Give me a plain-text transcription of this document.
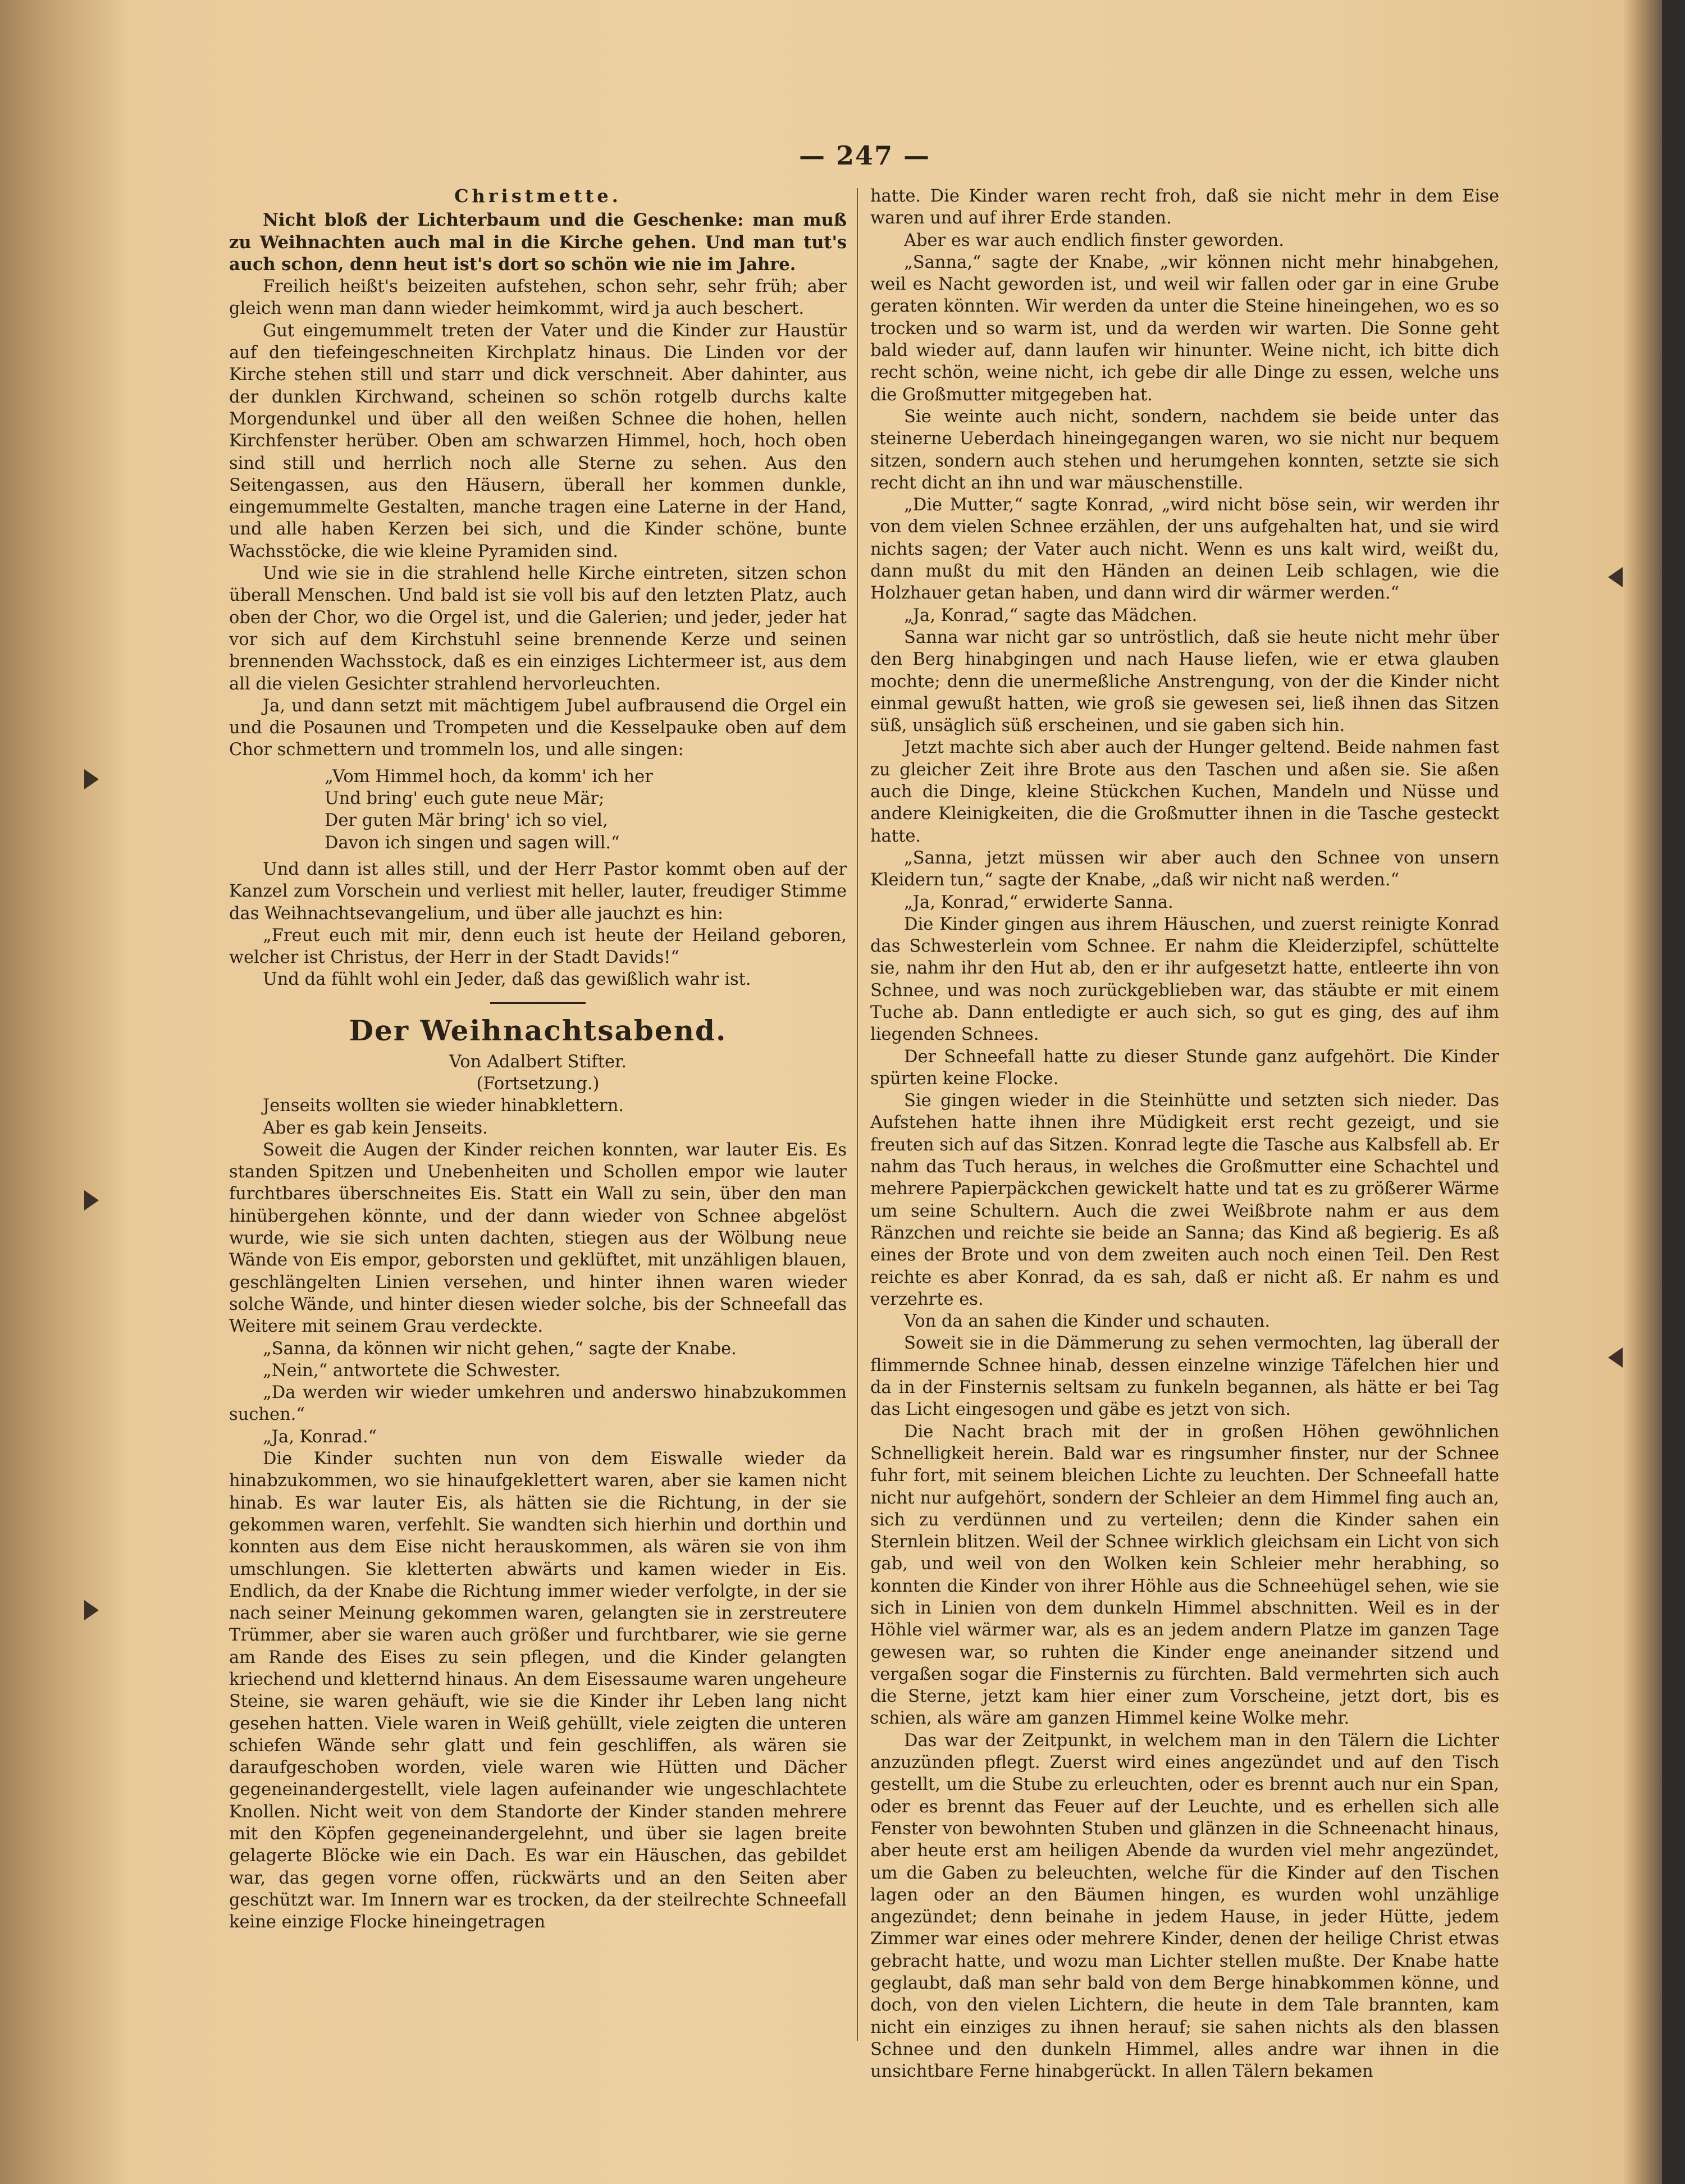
— 247 —
Christmette.

Nicht bloß der Lichterbaum und die Geschenke: man muß zu Weihnachten auch mal in die Kirche gehen. Und man tut's auch schon, denn heut ist's dort so schön wie nie im Jahre.

Freilich heißt's beizeiten aufstehen, schon sehr, sehr früh; aber gleich wenn man dann wieder heimkommt, wird ja auch beschert.

Gut eingemummelt treten der Vater und die Kinder zur Haustür auf den tiefeingeschneiten Kirchplatz hinaus. Die Linden vor der Kirche stehen still und starr und dick verschneit. Aber dahinter, aus der dunklen Kirchwand, scheinen so schön rotgelb durchs kalte Morgendunkel und über all den weißen Schnee die hohen, hellen Kirchfenster herüber. Oben am schwarzen Himmel, hoch, hoch oben sind still und herrlich noch alle Sterne zu sehen. Aus den Seitengassen, aus den Häusern, überall her kommen dunkle, eingemummelte Gestalten, manche tragen eine Laterne in der Hand, und alle haben Kerzen bei sich, und die Kinder schöne, bunte Wachsstöcke, die wie kleine Pyramiden sind.

Und wie sie in die strahlend helle Kirche eintreten, sitzen schon überall Menschen. Und bald ist sie voll bis auf den letzten Platz, auch oben der Chor, wo die Orgel ist, und die Galerien; und jeder, jeder hat vor sich auf dem Kirchstuhl seine brennende Kerze und seinen brennenden Wachsstock, daß es ein einziges Lichtermeer ist, aus dem all die vielen Gesichter strahlend hervorleuchten.

Ja, und dann setzt mit mächtigem Jubel aufbrausend die Orgel ein und die Posaunen und Trompeten und die Kesselpauke oben auf dem Chor schmettern und trommeln los, und alle singen:

„Vom Himmel hoch, da komm' ich her
Und bring' euch gute neue Mär;
Der guten Mär bring' ich so viel,
Davon ich singen und sagen will.“

Und dann ist alles still, und der Herr Pastor kommt oben auf der Kanzel zum Vorschein und verliest mit heller, lauter, freudiger Stimme das Weihnachtsevangelium, und über alle jauchzt es hin:

„Freut euch mit mir, denn euch ist heute der Heiland geboren, welcher ist Christus, der Herr in der Stadt Davids!“

Und da fühlt wohl ein Jeder, daß das gewißlich wahr ist.

Der Weihnachtsabend.

Von Adalbert Stifter.

(Fortsetzung.)

Jenseits wollten sie wieder hinabklettern.

Aber es gab kein Jenseits.

Soweit die Augen der Kinder reichen konnten, war lauter Eis. Es standen Spitzen und Unebenheiten und Schollen empor wie lauter furchtbares überschneites Eis. Statt ein Wall zu sein, über den man hinübergehen könnte, und der dann wieder von Schnee abgelöst wurde, wie sie sich unten dachten, stiegen aus der Wölbung neue Wände von Eis empor, geborsten und geklüftet, mit unzähligen blauen, geschlängelten Linien versehen, und hinter ihnen waren wieder solche Wände, und hinter diesen wieder solche, bis der Schneefall das Weitere mit seinem Grau verdeckte.

„Sanna, da können wir nicht gehen,“ sagte der Knabe.

„Nein,“ antwortete die Schwester.

„Da werden wir wieder umkehren und anderswo hinabzukommen suchen.“

„Ja, Konrad.“

Die Kinder suchten nun von dem Eiswalle wieder da hinabzukommen, wo sie hinaufgeklettert waren, aber sie kamen nicht hinab. Es war lauter Eis, als hätten sie die Richtung, in der sie gekommen waren, verfehlt. Sie wandten sich hierhin und dorthin und konnten aus dem Eise nicht herauskommen, als wären sie von ihm umschlungen. Sie kletterten abwärts und kamen wieder in Eis. Endlich, da der Knabe die Richtung immer wieder verfolgte, in der sie nach seiner Meinung gekommen waren, gelangten sie in zerstreutere Trümmer, aber sie waren auch größer und furchtbarer, wie sie gerne am Rande des Eises zu sein pflegen, und die Kinder gelangten kriechend und kletternd hinaus. An dem Eisessaume waren ungeheure Steine, sie waren gehäuft, wie sie die Kinder ihr Leben lang nicht gesehen hatten. Viele waren in Weiß gehüllt, viele zeigten die unteren schiefen Wände sehr glatt und fein geschliffen, als wären sie daraufgeschoben worden, viele waren wie Hütten und Dächer gegeneinandergestellt, viele lagen aufeinander wie ungeschlachtete Knollen. Nicht weit von dem Standorte der Kinder standen mehrere mit den Köpfen gegeneinandergelehnt, und über sie lagen breite gelagerte Blöcke wie ein Dach. Es war ein Häuschen, das gebildet war, das gegen vorne offen, rückwärts und an den Seiten aber geschützt war. Im Innern war es trocken, da der steilrechte Schneefall keine einzige Flocke hineingetragen

hatte. Die Kinder waren recht froh, daß sie nicht mehr in dem Eise waren und auf ihrer Erde standen.

Aber es war auch endlich finster geworden.

„Sanna,“ sagte der Knabe, „wir können nicht mehr hinabgehen, weil es Nacht geworden ist, und weil wir fallen oder gar in eine Grube geraten könnten. Wir werden da unter die Steine hineingehen, wo es so trocken und so warm ist, und da werden wir warten. Die Sonne geht bald wieder auf, dann laufen wir hinunter. Weine nicht, ich bitte dich recht schön, weine nicht, ich gebe dir alle Dinge zu essen, welche uns die Großmutter mitgegeben hat.

Sie weinte auch nicht, sondern, nachdem sie beide unter das steinerne Ueberdach hineingegangen waren, wo sie nicht nur bequem sitzen, sondern auch stehen und herumgehen konnten, setzte sie sich recht dicht an ihn und war mäuschenstille.

„Die Mutter,“ sagte Konrad, „wird nicht böse sein, wir werden ihr von dem vielen Schnee erzählen, der uns aufgehalten hat, und sie wird nichts sagen; der Vater auch nicht. Wenn es uns kalt wird, weißt du, dann mußt du mit den Händen an deinen Leib schlagen, wie die Holzhauer getan haben, und dann wird dir wärmer werden.“

„Ja, Konrad,“ sagte das Mädchen.

Sanna war nicht gar so untröstlich, daß sie heute nicht mehr über den Berg hinabgingen und nach Hause liefen, wie er etwa glauben mochte; denn die unermeßliche Anstrengung, von der die Kinder nicht einmal gewußt hatten, wie groß sie gewesen sei, ließ ihnen das Sitzen süß, unsäglich süß erscheinen, und sie gaben sich hin.

Jetzt machte sich aber auch der Hunger geltend. Beide nahmen fast zu gleicher Zeit ihre Brote aus den Taschen und aßen sie. Sie aßen auch die Dinge, kleine Stückchen Kuchen, Mandeln und Nüsse und andere Kleinigkeiten, die die Großmutter ihnen in die Tasche gesteckt hatte.

„Sanna, jetzt müssen wir aber auch den Schnee von unsern Kleidern tun,“ sagte der Knabe, „daß wir nicht naß werden.“

„Ja, Konrad,“ erwiderte Sanna.

Die Kinder gingen aus ihrem Häuschen, und zuerst reinigte Konrad das Schwesterlein vom Schnee. Er nahm die Kleiderzipfel, schüttelte sie, nahm ihr den Hut ab, den er ihr aufgesetzt hatte, entleerte ihn von Schnee, und was noch zurückgeblieben war, das stäubte er mit einem Tuche ab. Dann entledigte er auch sich, so gut es ging, des auf ihm liegenden Schnees.

Der Schneefall hatte zu dieser Stunde ganz aufgehört. Die Kinder spürten keine Flocke.

Sie gingen wieder in die Steinhütte und setzten sich nieder. Das Aufstehen hatte ihnen ihre Müdigkeit erst recht gezeigt, und sie freuten sich auf das Sitzen. Konrad legte die Tasche aus Kalbsfell ab. Er nahm das Tuch heraus, in welches die Großmutter eine Schachtel und mehrere Papierpäckchen gewickelt hatte und tat es zu größerer Wärme um seine Schultern. Auch die zwei Weißbrote nahm er aus dem Ränzchen und reichte sie beide an Sanna; das Kind aß begierig. Es aß eines der Brote und von dem zweiten auch noch einen Teil. Den Rest reichte es aber Konrad, da es sah, daß er nicht aß. Er nahm es und verzehrte es.

Von da an sahen die Kinder und schauten.

Soweit sie in die Dämmerung zu sehen vermochten, lag überall der flimmernde Schnee hinab, dessen einzelne winzige Täfelchen hier und da in der Finsternis seltsam zu funkeln begannen, als hätte er bei Tag das Licht eingesogen und gäbe es jetzt von sich.

Die Nacht brach mit der in großen Höhen gewöhnlichen Schnelligkeit herein. Bald war es ringsumher finster, nur der Schnee fuhr fort, mit seinem bleichen Lichte zu leuchten. Der Schneefall hatte nicht nur aufgehört, sondern der Schleier an dem Himmel fing auch an, sich zu verdünnen und zu verteilen; denn die Kinder sahen ein Sternlein blitzen. Weil der Schnee wirklich gleichsam ein Licht von sich gab, und weil von den Wolken kein Schleier mehr herabhing, so konnten die Kinder von ihrer Höhle aus die Schneehügel sehen, wie sie sich in Linien von dem dunkeln Himmel abschnitten. Weil es in der Höhle viel wärmer war, als es an jedem andern Platze im ganzen Tage gewesen war, so ruhten die Kinder enge aneinander sitzend und vergaßen sogar die Finsternis zu fürchten. Bald vermehrten sich auch die Sterne, jetzt kam hier einer zum Vorscheine, jetzt dort, bis es schien, als wäre am ganzen Himmel keine Wolke mehr.

Das war der Zeitpunkt, in welchem man in den Tälern die Lichter anzuzünden pflegt. Zuerst wird eines angezündet und auf den Tisch gestellt, um die Stube zu erleuchten, oder es brennt auch nur ein Span, oder es brennt das Feuer auf der Leuchte, und es erhellen sich alle Fenster von bewohnten Stuben und glänzen in die Schneenacht hinaus, aber heute erst am heiligen Abende da wurden viel mehr angezündet, um die Gaben zu beleuchten, welche für die Kinder auf den Tischen lagen oder an den Bäumen hingen, es wurden wohl unzählige angezündet; denn beinahe in jedem Hause, in jeder Hütte, jedem Zimmer war eines oder mehrere Kinder, denen der heilige Christ etwas gebracht hatte, und wozu man Lichter stellen mußte. Der Knabe hatte geglaubt, daß man sehr bald von dem Berge hinabkommen könne, und doch, von den vielen Lichtern, die heute in dem Tale brannten, kam nicht ein einziges zu ihnen herauf; sie sahen nichts als den blassen Schnee und den dunkeln Himmel, alles andre war ihnen in die unsichtbare Ferne hinabgerückt. In allen Tälern bekamen
